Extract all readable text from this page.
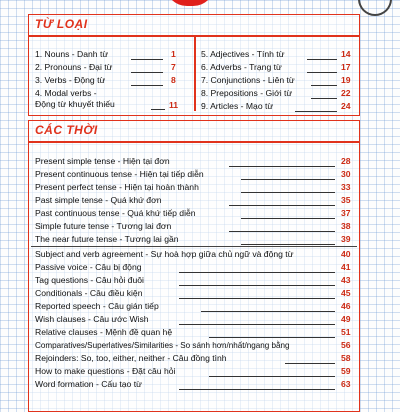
TỪ LOẠI
1. Nouns - Danh từ	1
2. Pronouns - Đại từ	7
3. Verbs - Động từ	8
4. Modal verbs -
Động từ khuyết thiếu	11
5. Adjectives - Tính từ	14
6. Adverbs - Trạng từ	17
7. Conjunctions - Liên từ	19
8. Prepositions - Giới từ	22
9. Articles - Mạo từ	24
CÁC THỜI
Present simple tense - Hiện tại đơn	28
Present continuous tense - Hiện tại tiếp diễn	30
Present perfect tense - Hiện tại hoàn thành	33
Past simple tense - Quá khứ đơn	35
Past continuous tense - Quá khứ tiếp diễn	37
Simple future tense - Tương lai đơn	38
The near future tense - Tương lai gần	39
Subject and verb agreement - Sự hoà hợp giữa chủ ngữ và động từ	40
Passive voice - Câu bị động	41
Tag questions - Câu hỏi đuôi	43
Conditionals - Câu điều kiện	45
Reported speech - Câu gián tiếp	46
Wish clauses - Câu ước Wish	49
Relative clauses - Mệnh đề quan hệ	51
Comparatives/Superlatives/Similarities - So sánh hơn/nhất/ngang bằng	56
Rejoinders: So, too, either, neither - Câu đồng tình	58
How to make questions - Đặt câu hỏi	59
Word formation - Cấu tạo từ	63
